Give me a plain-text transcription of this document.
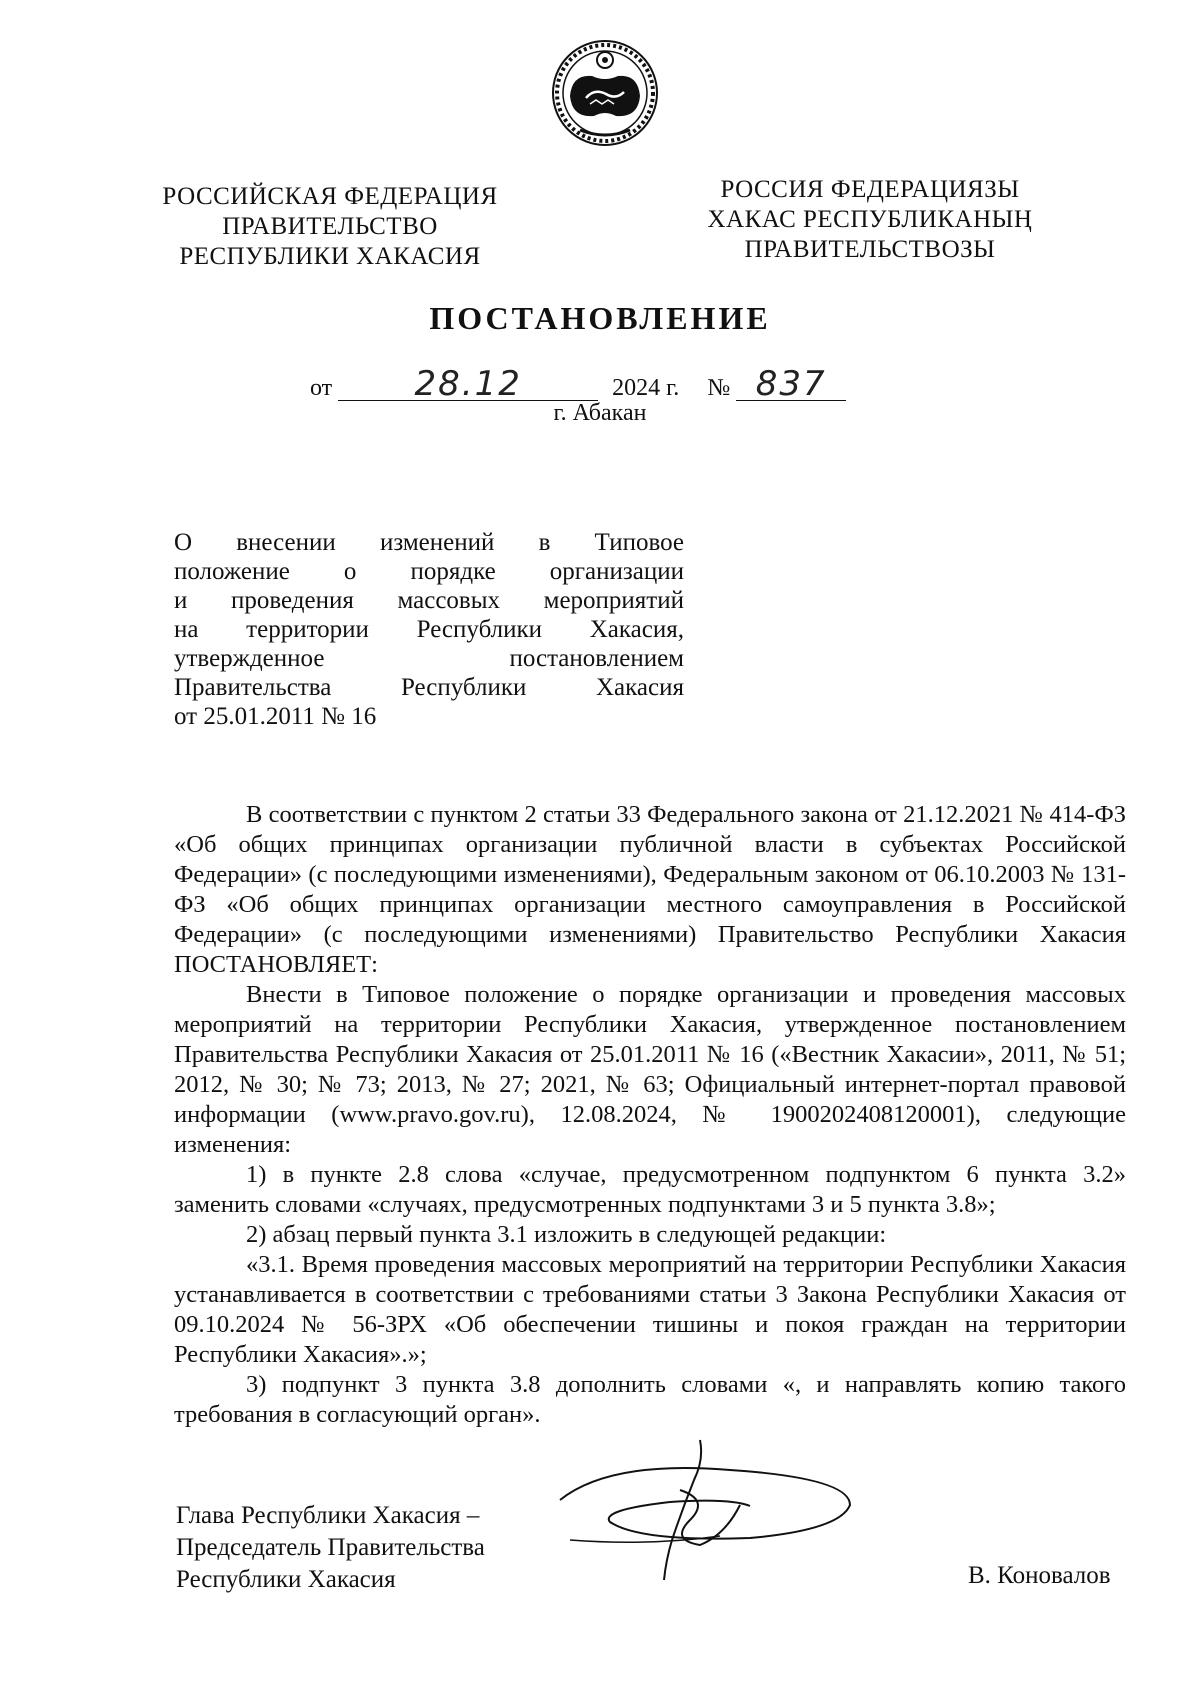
РОССИЙСКАЯ ФЕДЕРАЦИЯ
ПРАВИТЕЛЬСТВО
РЕСПУБЛИКИ ХАКАСИЯ
РОССИЯ ФЕДЕРАЦИЯЗЫ
ХАКАС РЕСПУБЛИКАНЫҢ
ПРАВИТЕЛЬСТВОЗЫ
ПОСТАНОВЛЕНИЕ
от 28.12	2024 г. № 837
г. Абакан
О внесении изменений в Типовое
положение о порядке организации
и проведения массовых мероприятий
на территории Республики Хакасия,
утвержденное постановлением
Правительства Республики Хакасия
от 25.01.2011 № 16

В соответствии с пунктом 2 статьи 33 Федерального закона от 21.12.2021 № 414-ФЗ «Об общих принципах организации публичной власти в субъектах Российской Федерации» (с последующими изменениями), Федеральным законом от 06.10.2003 № 131-ФЗ «Об общих принципах организации местного самоуправления в Российской Федерации» (с последующими изменениями) Правительство Республики Хакасия ПОСТАНОВЛЯЕТ:

Внести в Типовое положение о порядке организации и проведения массовых мероприятий на территории Республики Хакасия, утвержденное постановлением Правительства Республики Хакасия от 25.01.2011 № 16 («Вестник Хакасии», 2011, № 51; 2012, № 30; № 73; 2013, № 27; 2021, № 63; Официальный интернет-портал правовой информации (www.pravo.gov.ru), 12.08.2024, № 1900202408120001), следующие изменения:

1) в пункте 2.8 слова «случае, предусмотренном подпунктом 6 пункта 3.2» заменить словами «случаях, предусмотренных подпунктами 3 и 5 пункта 3.8»;

2) абзац первый пункта 3.1 изложить в следующей редакции:

«3.1. Время проведения массовых мероприятий на территории Республики Хакасия устанавливается в соответствии с требованиями статьи 3 Закона Республики Хакасия от 09.10.2024 № 56-ЗРХ «Об обеспечении тишины и покоя граждан на территории Республики Хакасия».»;

3) подпункт 3 пункта 3.8 дополнить словами «, и направлять копию такого требования в согласующий орган».

Глава Республики Хакасия –
Председатель Правительства
Республики Хакасия	В. Коновалов
